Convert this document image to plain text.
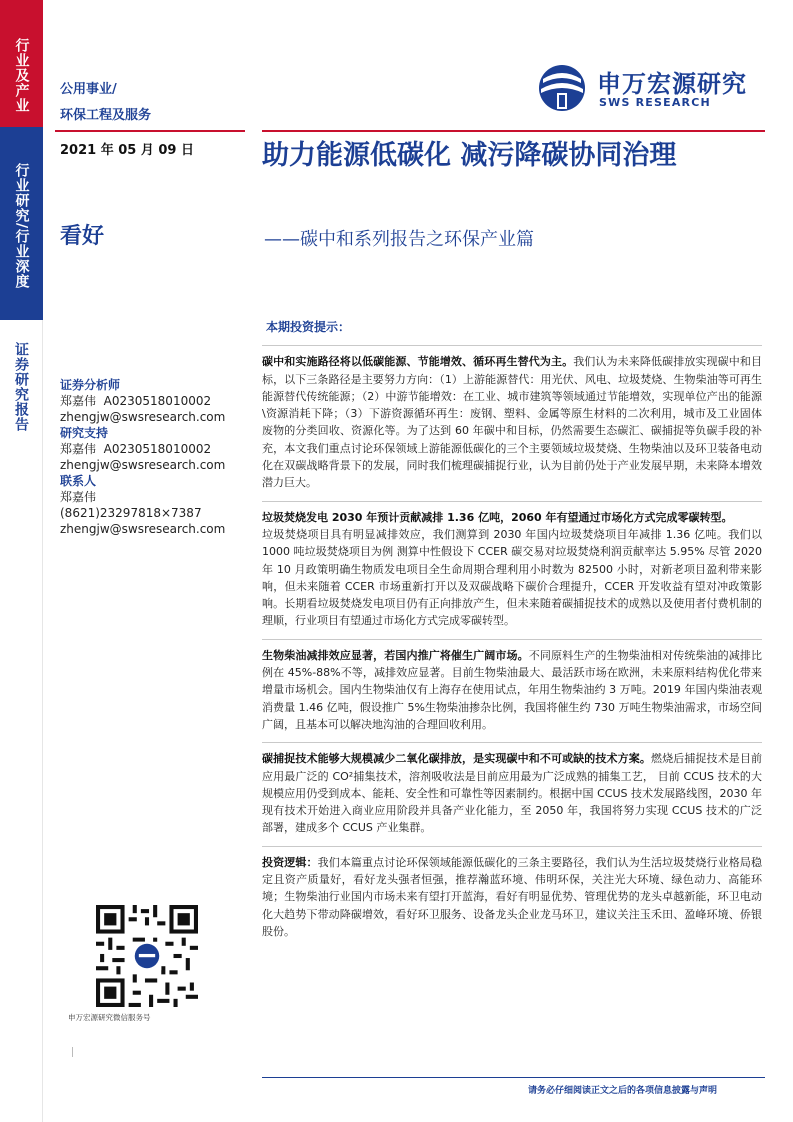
行业及产业
行业研究/行业深度
证券研究报告
公用事业/
环保工程及服务
2021 年 05 月 09 日
看好
申万宏源研究
SWS RESEARCH
助力能源低碳化 减污降碳协同治理
——碳中和系列报告之环保产业篇
证券分析师
郑嘉伟 A0230518010002
zhengjw@swsresearch.com
研究支持
郑嘉伟 A0230518010002
zhengjw@swsresearch.com
联系人
郑嘉伟
(8621)23297818×7387
zhengjw@swsresearch.com
申万宏源研究微信服务号
本期投资提示：
碳中和实施路径将以低碳能源、节能增效、循环再生替代为主。我们认为未来降低碳排放实现碳中和目标，以下三条路径是主要努力方向：（1）上游能源替代：用光伏、风电、垃圾焚烧、生物柴油等可再生能源替代传统能源；（2）中游节能增效：在工业、城市建筑等领域通过节能增效，实现单位产出的能源\资源消耗下降；（3）下游资源循环再生：废钢、塑料、金属等原生材料的二次利用，城市及工业固体废物的分类回收、资源化等。为了达到 60 年碳中和目标，仍然需要生态碳汇、碳捕捉等负碳手段的补充，本文我们重点讨论环保领域上游能源低碳化的三个主要领域垃圾焚烧、生物柴油以及环卫装备电动化在双碳战略背景下的发展，同时我们梳理碳捕捉行业，认为目前仍处于产业发展早期，未来降本增效潜力巨大。
垃圾焚烧发电 2030 年预计贡献减排 1.36 亿吨，2060 年有望通过市场化方式完成零碳转型。
垃圾焚烧项目具有明显减排效应，我们测算到 2030 年国内垃圾焚烧项目年减排 1.36 亿吨。我们以 1000 吨垃圾焚烧项目为例 测算中性假设下 CCER 碳交易对垃圾焚烧利润贡献率达 5.95% 尽管 2020 年 10 月政策明确生物质发电项目全生命周期合理利用小时数为 82500 小时，对新老项目盈利带来影响，但未来随着 CCER 市场重新打开以及双碳战略下碳价合理提升，CCER 开发收益有望对冲政策影响。长期看垃圾焚烧发电项目仍有正向排放产生，但未来随着碳捕捉技术的成熟以及使用者付费机制的理顺，行业项目有望通过市场化方式完成零碳转型。
生物柴油减排效应显著，若国内推广将催生广阔市场。不同原料生产的生物柴油相对传统柴油的减排比例在 45%-88%不等，减排效应显著。目前生物柴油最大、最活跃市场在欧洲，未来原料结构优化带来增量市场机会。国内生物柴油仅有上海存在使用试点，年用生物柴油约 3 万吨。2019 年国内柴油表观消费量 1.46 亿吨，假设推广 5%生物柴油掺杂比例，我国将催生约 730 万吨生物柴油需求，市场空间广阔，且基本可以解决地沟油的合理回收利用。
碳捕捉技术能够大规模减少二氧化碳排放，是实现碳中和不可或缺的技术方案。燃烧后捕捉技术是目前应用最广泛的 CO²捕集技术，溶剂吸收法是目前应用最为广泛成熟的捕集工艺， 目前 CCUS 技术的大规模应用仍受到成本、能耗、安全性和可靠性等因素制约。根据中国 CCUS 技术发展路线图，2030 年现有技术开始进入商业应用阶段并具备产业化能力，至 2050 年，我国将努力实现 CCUS 技术的广泛部署，建成多个 CCUS 产业集群。
投资逻辑：我们本篇重点讨论环保领域能源低碳化的三条主要路径，我们认为生活垃圾焚烧行业格局稳定且资产质量好，看好龙头强者恒强，推荐瀚蓝环境、伟明环保，关注光大环境、绿色动力、高能环境；生物柴油行业国内市场未来有望打开蓝海，看好有明显优势、管理优势的龙头卓越新能，环卫电动化大趋势下带动降碳增效，看好环卫服务、设备龙头企业龙马环卫，建议关注玉禾田、盈峰环境、侨银股份。
请务必仔细阅读正文之后的各项信息披露与声明
